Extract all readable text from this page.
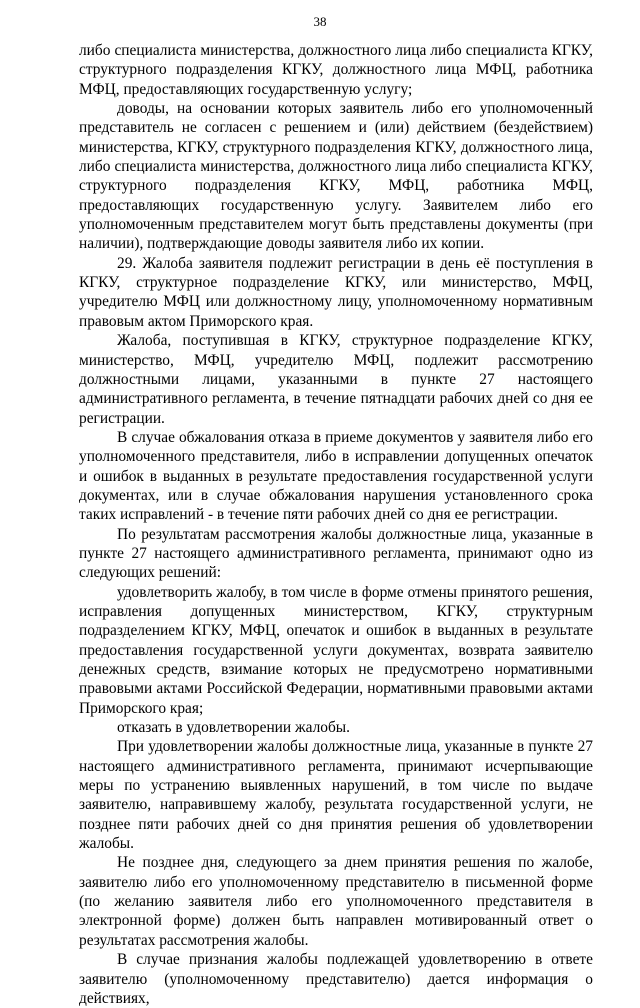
38

либо специалиста министерства, должностного лица либо специалиста КГКУ, структурного подразделения КГКУ, должностного лица МФЦ, работника МФЦ, предоставляющих государственную услугу;

доводы, на основании которых заявитель либо его уполномоченный представитель не согласен с решением и (или) действием (бездействием) министерства, КГКУ, структурного подразделения КГКУ, должностного лица, либо специалиста министерства, должностного лица либо специалиста КГКУ, структурного подразделения КГКУ, МФЦ, работника МФЦ, предоставляющих государственную услугу. Заявителем либо его уполномоченным представителем могут быть представлены документы (при наличии), подтверждающие доводы заявителя либо их копии.

29. Жалоба заявителя подлежит регистрации в день её поступления в КГКУ, структурное подразделение КГКУ, или министерство, МФЦ, учредителю МФЦ или должностному лицу, уполномоченному нормативным правовым актом Приморского края.

Жалоба, поступившая в КГКУ, структурное подразделение КГКУ, министерство, МФЦ, учредителю МФЦ, подлежит рассмотрению должностными лицами, указанными в пункте 27 настоящего административного регламента, в течение пятнадцати рабочих дней со дня ее регистрации.

В случае обжалования отказа в приеме документов у заявителя либо его уполномоченного представителя, либо в исправлении допущенных опечаток и ошибок в выданных в результате предоставления государственной услуги документах, или в случае обжалования нарушения установленного срока таких исправлений - в течение пяти рабочих дней со дня ее регистрации.

По результатам рассмотрения жалобы должностные лица, указанные в пункте 27 настоящего административного регламента, принимают одно из следующих решений:

удовлетворить жалобу, в том числе в форме отмены принятого решения, исправления допущенных министерством, КГКУ, структурным подразделением КГКУ, МФЦ, опечаток и ошибок в выданных в результате предоставления государственной услуги документах, возврата заявителю денежных средств, взимание которых не предусмотрено нормативными правовыми актами Российской Федерации, нормативными правовыми актами Приморского края;

отказать в удовлетворении жалобы.

При удовлетворении жалобы должностные лица, указанные в пункте 27 настоящего административного регламента, принимают исчерпывающие меры по устранению выявленных нарушений, в том числе по выдаче заявителю, направившему жалобу, результата государственной услуги, не позднее пяти рабочих дней со дня принятия решения об удовлетворении жалобы.

Не позднее дня, следующего за днем принятия решения по жалобе, заявителю либо его уполномоченному представителю в письменной форме (по желанию заявителя либо его уполномоченного представителя в электронной форме) должен быть направлен мотивированный ответ о результатах рассмотрения жалобы.

В случае признания жалобы подлежащей удовлетворению в ответе заявителю (уполномоченному представителю) дается информация о действиях,
